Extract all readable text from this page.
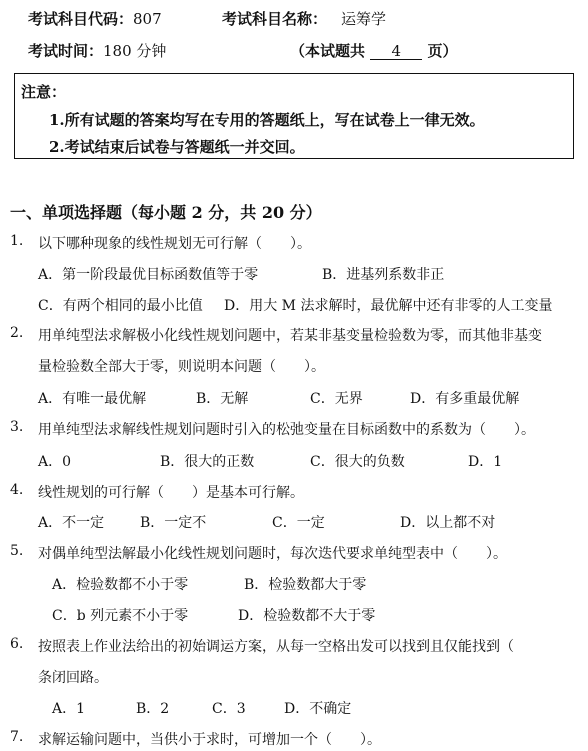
考试科目代码：807	考试科目名称： 运筹学
考试时间：180 分钟	（本试题共 4 页）
注意：
1.所有试题的答案均写在专用的答题纸上，写在试卷上一律无效。
2.考试结束后试卷与答题纸一并交回。
一、单项选择题（每小题 2 分，共 20 分）
1. 以下哪种现象的线性规划无可行解（　　）。
A．第一阶段最优目标函数值等于零	B．进基列系数非正
C．有两个相同的最小比值 D．用大 M 法求解时，最优解中还有非零的人工变量
2. 用单纯型法求解极小化线性规划问题中，若某非基变量检验数为零，而其他非基变
量检验数全部大于零，则说明本问题（　　）。
A．有唯一最优解	B．无解	C．无界	D．有多重最优解
3. 用单纯型法求解线性规划问题时引入的松弛变量在目标函数中的系数为（　　）。
A．0	B．很大的正数	C．很大的负数	D．1
4. 线性规划的可行解（　　）是基本可行解。
A．不一定	B．一定不	C．一定	D．以上都不对
5. 对偶单纯型法解最小化线性规划问题时，每次迭代要求单纯型表中（　　）。
A．检验数都不小于零	B．检验数都大于零
C．b 列元素不小于零	D．检验数都不大于零
6. 按照表上作业法给出的初始调运方案，从每一空格出发可以找到且仅能找到（　　
条闭回路。
A．1	B．2	C．3	D．不确定
7. 求解运输问题中，当供小于求时，可增加一个（　　）。
